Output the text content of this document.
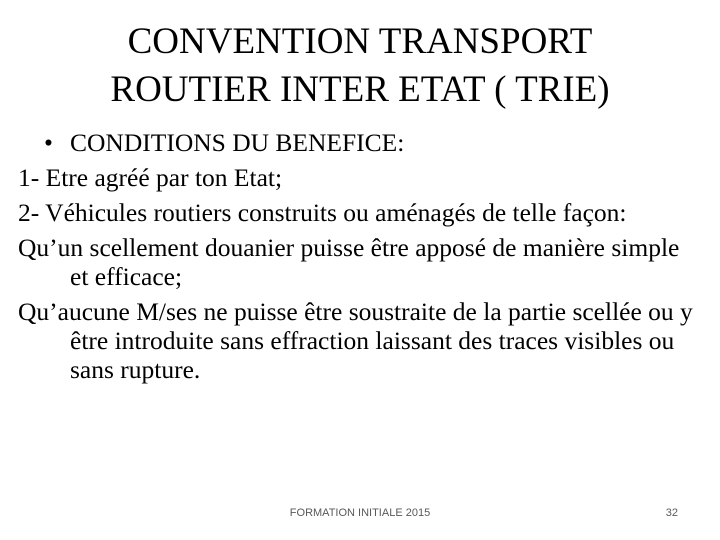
CONVENTION TRANSPORT
ROUTIER INTER ETAT ( TRIE)

• CONDITIONS DU BENEFICE:

1- Etre agréé par ton Etat;

2- Véhicules routiers construits ou aménagés de telle façon:

Qu’un scellement douanier puisse être apposé de manière simple et efficace;

Qu’aucune M/ses ne puisse être soustraite de la partie scellée ou y être introduite sans effraction laissant des traces visibles ou sans rupture.

FORMATION INITIALE 2015	32
